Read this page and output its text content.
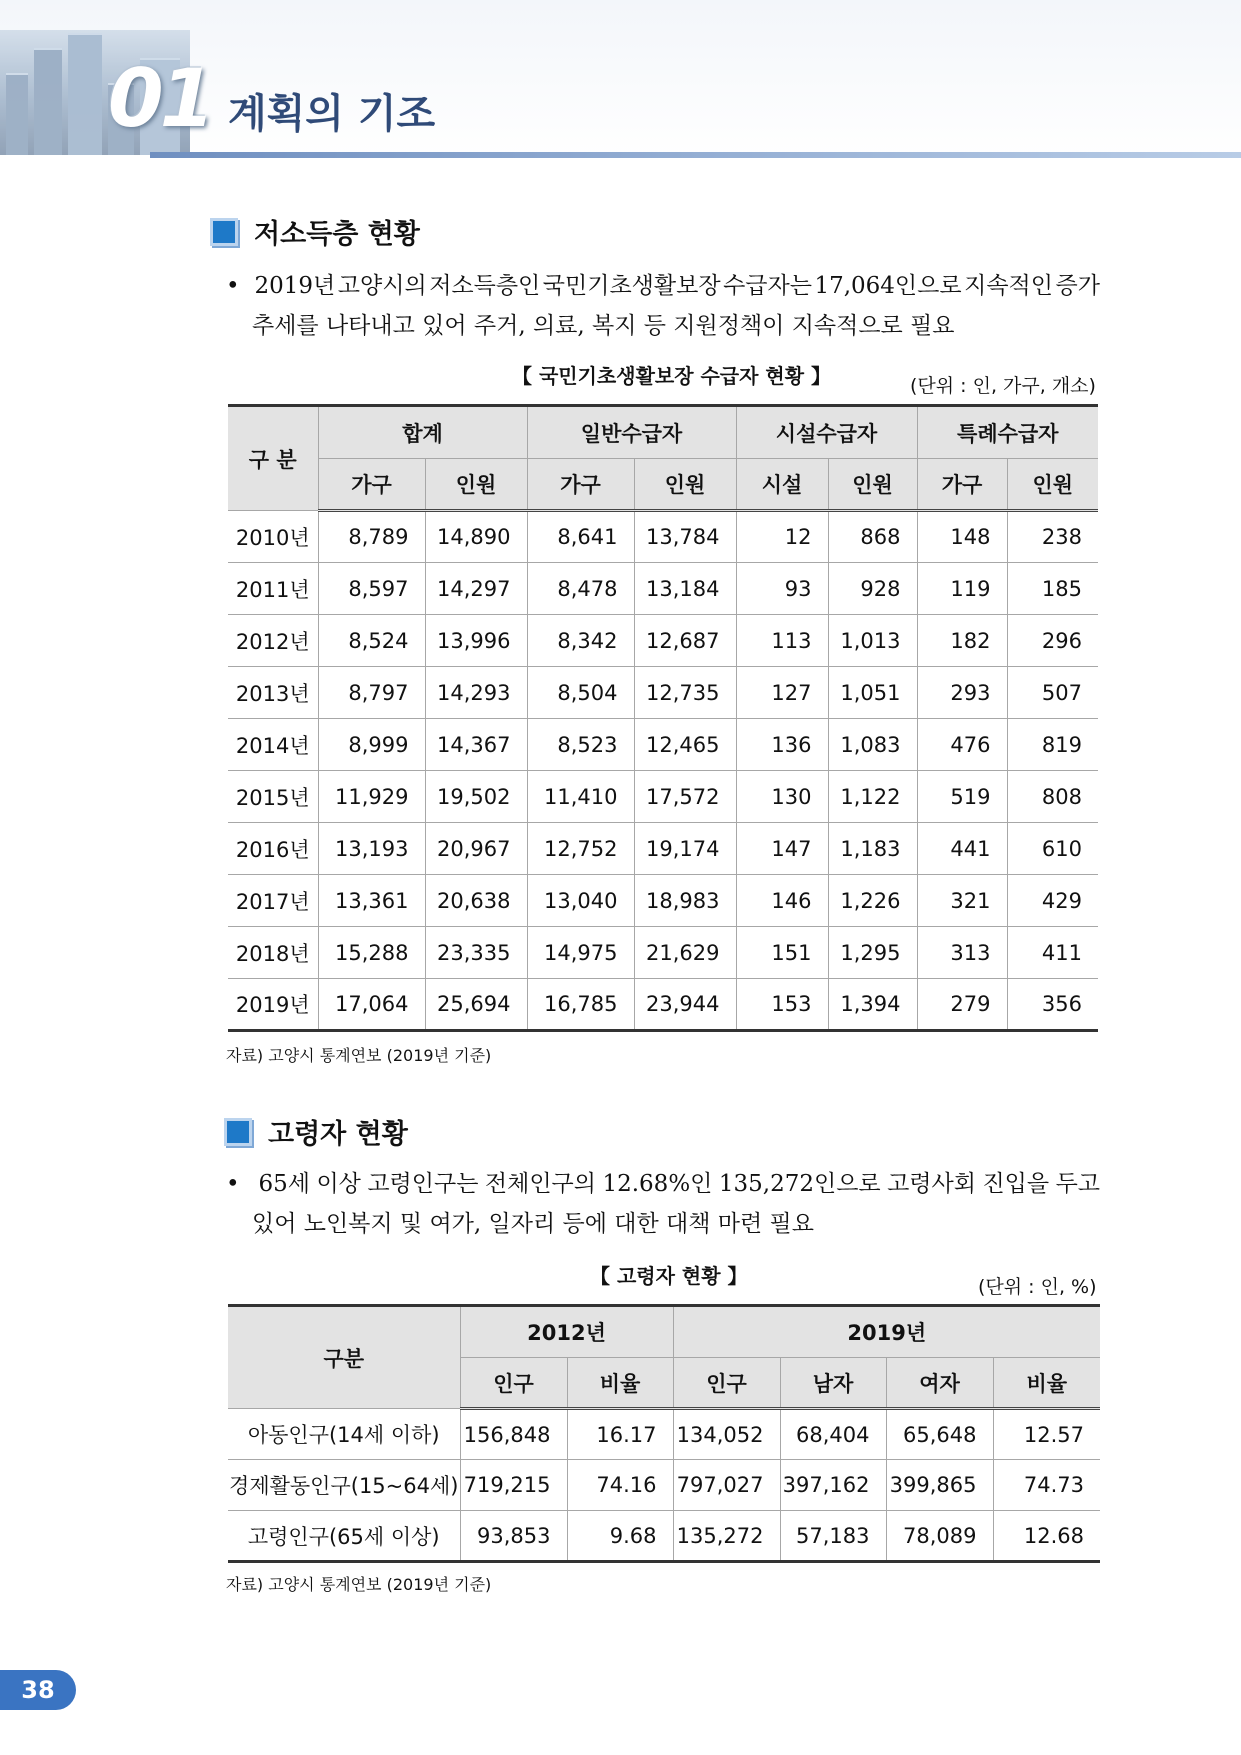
01 계획의 기조
저소득층 현황
• 2019년 고양시의 저소득층인 국민기초생활보장 수급자는 17,064인으로 지속적인 증가
추세를 나타내고 있어 주거, 의료, 복지 등 지원정책이 지속적으로 필요
【 국민기초생활보장 수급자 현황 】	(단위 : 인, 가구, 개소)
구 분	합계		일반수급자		시설수급자		특례수급자	
	가구	인원	가구	인원	시설	인원	가구	인원
2010년	8,789	14,890	8,641	13,784	12	868	148	238
2011년	8,597	14,297	8,478	13,184	93	928	119	185
2012년	8,524	13,996	8,342	12,687	113	1,013	182	296
2013년	8,797	14,293	8,504	12,735	127	1,051	293	507
2014년	8,999	14,367	8,523	12,465	136	1,083	476	819
2015년	11,929	19,502	11,410	17,572	130	1,122	519	808
2016년	13,193	20,967	12,752	19,174	147	1,183	441	610
2017년	13,361	20,638	13,040	18,983	146	1,226	321	429
2018년	15,288	23,335	14,975	21,629	151	1,295	313	411
2019년	17,064	25,694	16,785	23,944	153	1,394	279	356
자료) 고양시 통계연보 (2019년 기준)
고령자 현황
• 65세 이상 고령인구는 전체인구의 12.68%인 135,272인으로 고령사회 진입을 두고
있어 노인복지 및 여가, 일자리 등에 대한 대책 마련 필요
【 고령자 현황 】	(단위 : 인, %)
구분	2012년		2019년			
	인구	비율	인구	남자	여자	비율
아동인구(14세 이하)	156,848	16.17	134,052	68,404	65,648	12.57
경제활동인구(15~64세)	719,215	74.16	797,027	397,162	399,865	74.73
고령인구(65세 이상)	93,853	9.68	135,272	57,183	78,089	12.68
자료) 고양시 통계연보 (2019년 기준)
38
